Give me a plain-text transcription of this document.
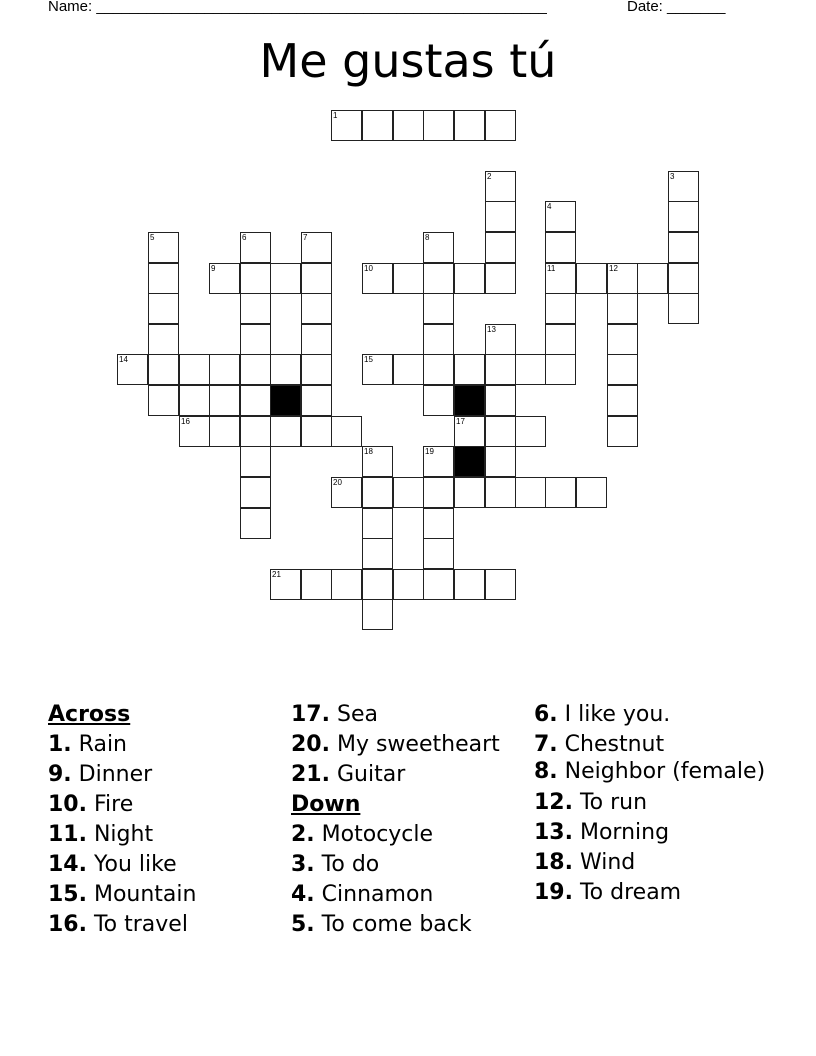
Name: ______________________________________________________	Date: _______
Me gustas tú
1
2	3
4
5	6	7	8
9	10	11	12
13
14	15
16	17
18	19
20
21
Across
1. Rain
9. Dinner
10. Fire
11. Night
14. You like
15. Mountain
16. To travel
17. Sea
20. My sweetheart
21. Guitar
Down
2. Motocycle
3. To do
4. Cinnamon
5. To come back
6. I like you.
7. Chestnut
8. Neighbor (female)
12. To run
13. Morning
18. Wind
19. To dream
